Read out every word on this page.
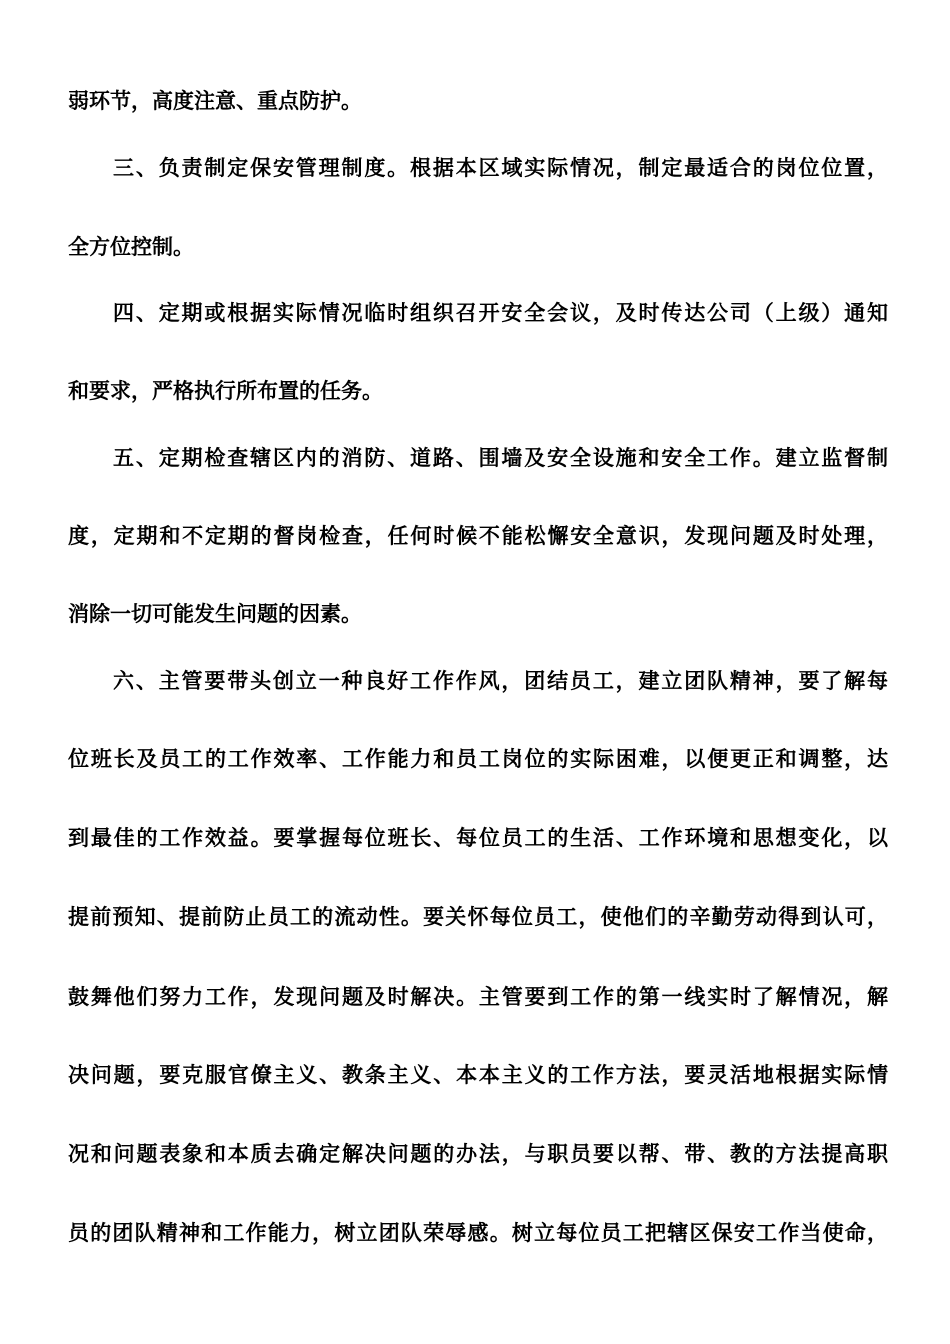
弱环节，高度注意、重点防护。
三、负责制定保安管理制度。根据本区域实际情况，制定最适合的岗位位置，
全方位控制。
四、定期或根据实际情况临时组织召开安全会议，及时传达公司（上级）通知
和要求，严格执行所布置的任务。
五、定期检查辖区内的消防、道路、围墙及安全设施和安全工作。建立监督制
度，定期和不定期的督岗检查，任何时候不能松懈安全意识，发现问题及时处理，
消除一切可能发生问题的因素。
六、主管要带头创立一种良好工作作风，团结员工，建立团队精神，要了解每
位班长及员工的工作效率、工作能力和员工岗位的实际困难，以便更正和调整，达
到最佳的工作效益。要掌握每位班长、每位员工的生活、工作环境和思想变化，以
提前预知、提前防止员工的流动性。要关怀每位员工，使他们的辛勤劳动得到认可，
鼓舞他们努力工作，发现问题及时解决。主管要到工作的第一线实时了解情况，解
决问题，要克服官僚主义、教条主义、本本主义的工作方法，要灵活地根据实际情
况和问题表象和本质去确定解决问题的办法，与职员要以帮、带、教的方法提高职
员的团队精神和工作能力，树立团队荣辱感。树立每位员工把辖区保安工作当使命，
